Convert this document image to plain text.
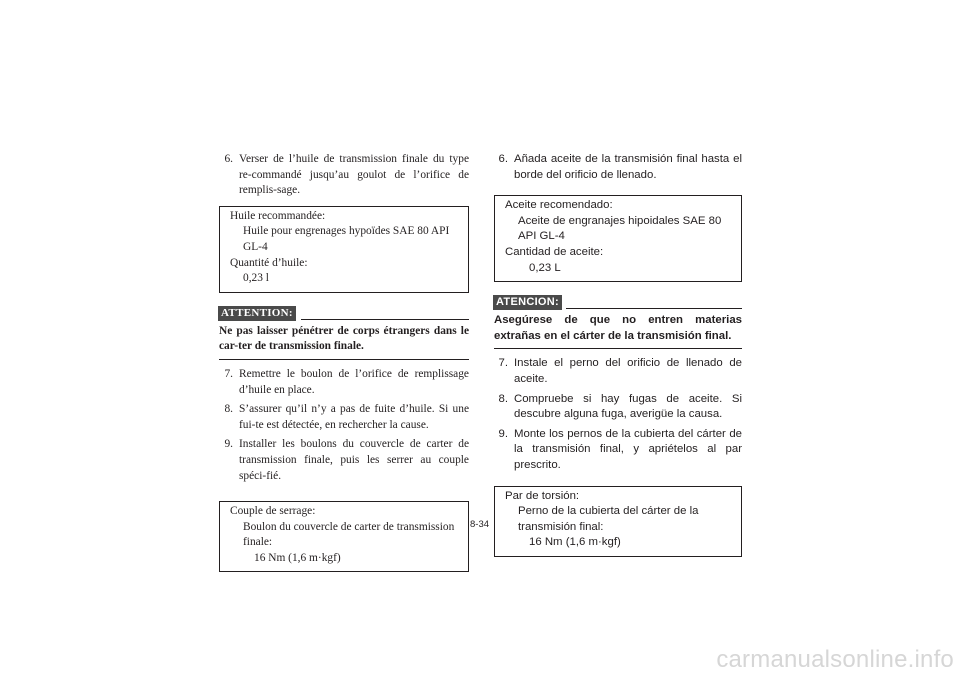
6. Verser de l’huile de transmission finale du type re-commandé jusqu’au goulot de l’orifice de remplis-sage.
Huile recommandée:
Huile pour engrenages hypoïdes SAE 80 API GL-4
Quantité d’huile:
0,23 l
ATTENTION:
Ne pas laisser pénétrer de corps étrangers dans le car-ter de transmission finale.
7. Remettre le boulon de l’orifice de remplissage d’huile en place.
8. S’assurer qu’il n’y a pas de fuite d’huile. Si une fui-te est détectée, en rechercher la cause.
9. Installer les boulons du couvercle de carter de transmission finale, puis les serrer au couple spéci-fié.
Couple de serrage:
Boulon du couvercle de carter de transmission finale:
16 Nm (1,6 m·kgf)
6. Añada aceite de la transmisión final hasta el borde del orificio de llenado.
Aceite recomendado:
Aceite de engranajes hipoidales SAE 80 API GL-4
Cantidad de aceite:
0,23 L
ATENCION:
Asegúrese de que no entren materias extrañas en el cárter de la transmisión final.
7. Instale el perno del orificio de llenado de aceite.
8. Compruebe si hay fugas de aceite. Si descubre alguna fuga, averigüe la causa.
9. Monte los pernos de la cubierta del cárter de la transmisión final, y apriételos al par prescrito.
Par de torsión:
Perno de la cubierta del cárter de la transmisión final:
16 Nm (1,6 m·kgf)
8-34
carmanualsonline.info
